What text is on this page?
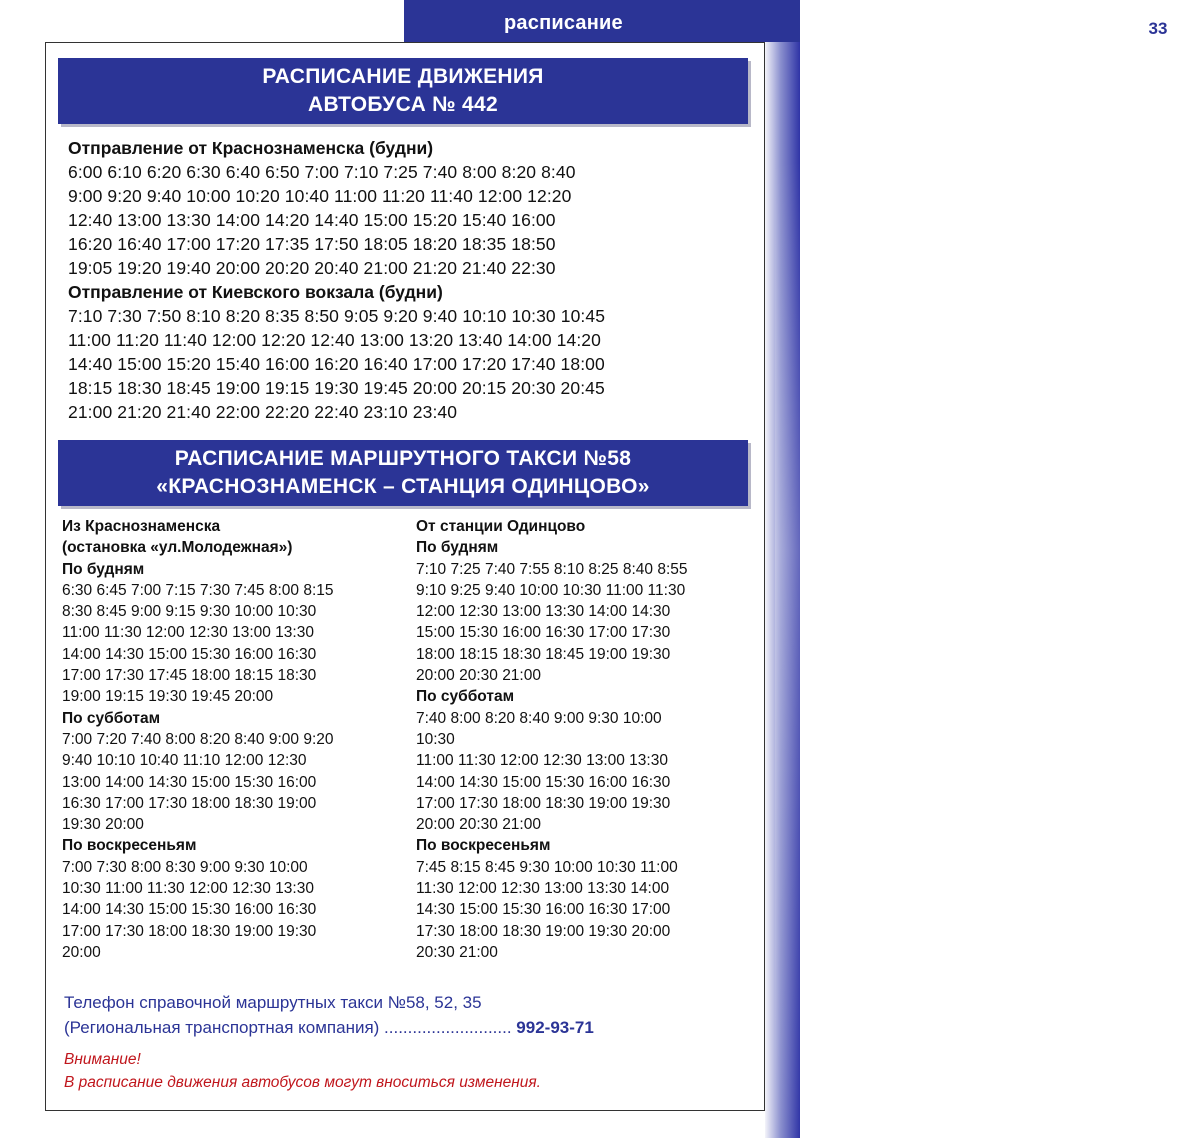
расписание	33
РАСПИСАНИЕ ДВИЖЕНИЯ
АВТОБУСА № 442
Отправление от Краснознаменска (будни)
6:00 6:10 6:20 6:30 6:40 6:50 7:00 7:10 7:25 7:40 8:00 8:20 8:40
9:00 9:20 9:40 10:00 10:20 10:40 11:00 11:20 11:40 12:00 12:20
12:40 13:00 13:30 14:00 14:20 14:40 15:00 15:20 15:40 16:00
16:20 16:40 17:00 17:20 17:35 17:50 18:05 18:20 18:35 18:50
19:05 19:20 19:40 20:00 20:20 20:40 21:00 21:20 21:40 22:30
Отправление от Киевского вокзала (будни)
7:10 7:30 7:50 8:10 8:20 8:35 8:50 9:05 9:20 9:40 10:10 10:30 10:45
11:00 11:20 11:40 12:00 12:20 12:40 13:00 13:20 13:40 14:00 14:20
14:40 15:00 15:20 15:40 16:00 16:20 16:40 17:00 17:20 17:40 18:00
18:15 18:30 18:45 19:00 19:15 19:30 19:45 20:00 20:15 20:30 20:45
21:00 21:20 21:40 22:00 22:20 22:40 23:10 23:40
РАСПИСАНИЕ МАРШРУТНОГО ТАКСИ №58
«КРАСНОЗНАМЕНСК – СТАНЦИЯ ОДИНЦОВО»
Из Краснознаменска
(остановка «ул.Молодежная»)
По будням
6:30 6:45 7:00 7:15 7:30 7:45 8:00 8:15
8:30 8:45 9:00 9:15 9:30 10:00 10:30
11:00 11:30 12:00 12:30 13:00 13:30
14:00 14:30 15:00 15:30 16:00 16:30
17:00 17:30 17:45 18:00 18:15 18:30
19:00 19:15 19:30 19:45 20:00
По субботам
7:00 7:20 7:40 8:00 8:20 8:40 9:00 9:20
9:40 10:10 10:40 11:10 12:00 12:30
13:00 14:00 14:30 15:00 15:30 16:00
16:30 17:00 17:30 18:00 18:30 19:00
19:30 20:00
По воскресеньям
7:00 7:30 8:00 8:30 9:00 9:30 10:00
10:30 11:00 11:30 12:00 12:30 13:30
14:00 14:30 15:00 15:30 16:00 16:30
17:00 17:30 18:00 18:30 19:00 19:30
20:00
От станции Одинцово
По будням
7:10 7:25 7:40 7:55 8:10 8:25 8:40 8:55
9:10 9:25 9:40 10:00 10:30 11:00 11:30
12:00 12:30 13:00 13:30 14:00 14:30
15:00 15:30 16:00 16:30 17:00 17:30
18:00 18:15 18:30 18:45 19:00 19:30
20:00 20:30 21:00
По субботам
7:40 8:00 8:20 8:40 9:00 9:30 10:00
10:30
11:00 11:30 12:00 12:30 13:00 13:30
14:00 14:30 15:00 15:30 16:00 16:30
17:00 17:30 18:00 18:30 19:00 19:30
20:00 20:30 21:00
По воскресеньям
7:45 8:15 8:45 9:30 10:00 10:30 11:00
11:30 12:00 12:30 13:00 13:30 14:00
14:30 15:00 15:30 16:00 16:30 17:00
17:30 18:00 18:30 19:00 19:30 20:00
20:30 21:00
Телефон справочной маршрутных такси №58, 52, 35
(Региональная транспортная компания) ........................... 992-93-71
Внимание!
В расписание движения автобусов могут вноситься изменения.
